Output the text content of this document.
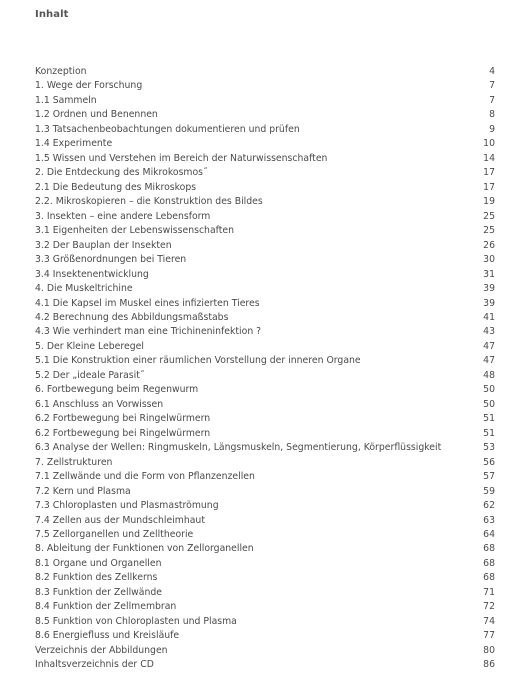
Inhalt
Konzeption	4
1. Wege der Forschung	7
1.1 Sammeln	7
1.2 Ordnen und Benennen	8
1.3 Tatsachenbeobachtungen dokumentieren und prüfen	9
1.4 Experimente	10
1.5 Wissen und Verstehen im Bereich der Naturwissenschaften	14
2. Die Entdeckung des Mikrokosmos˝	17
2.1 Die Bedeutung des Mikroskops	17
2.2. Mikroskopieren – die Konstruktion des Bildes	19
3. Insekten – eine andere Lebensform	25
3.1 Eigenheiten der Lebenswissenschaften	25
3.2 Der Bauplan der Insekten	26
3.3 Größenordnungen bei Tieren	30
3.4 Insektenentwicklung	31
4. Die Muskeltrichine	39
4.1 Die Kapsel im Muskel eines infizierten Tieres	39
4.2 Berechnung des Abbildungsmaßstabs	41
4.3 Wie verhindert man eine Trichineninfektion ?	43
5. Der Kleine Leberegel	47
5.1 Die Konstruktion einer räumlichen Vorstellung der inneren Organe	47
5.2 Der „ideale Parasit˝	48
6. Fortbewegung beim Regenwurm	50
6.1 Anschluss an Vorwissen	50
6.2 Fortbewegung bei Ringelwürmern	51
6.2 Fortbewegung bei Ringelwürmern	51
6.3 Analyse der Wellen: Ringmuskeln, Längsmuskeln, Segmentierung, Körperflüssigkeit	53
7. Zellstrukturen	56
7.1 Zellwände und die Form von Pflanzenzellen	57
7.2 Kern und Plasma	59
7.3 Chloroplasten und Plasmaströmung	62
7.4 Zellen aus der Mundschleimhaut	63
7.5 Zellorganellen und Zelltheorie	64
8. Ableitung der Funktionen von Zellorganellen	68
8.1 Organe und Organellen	68
8.2 Funktion des Zellkerns	68
8.3 Funktion der Zellwände	71
8.4 Funktion der Zellmembran	72
8.5 Funktion von Chloroplasten und Plasma	74
8.6 Energiefluss und Kreisläufe	77
Verzeichnis der Abbildungen	80
Inhaltsverzeichnis der CD	86
